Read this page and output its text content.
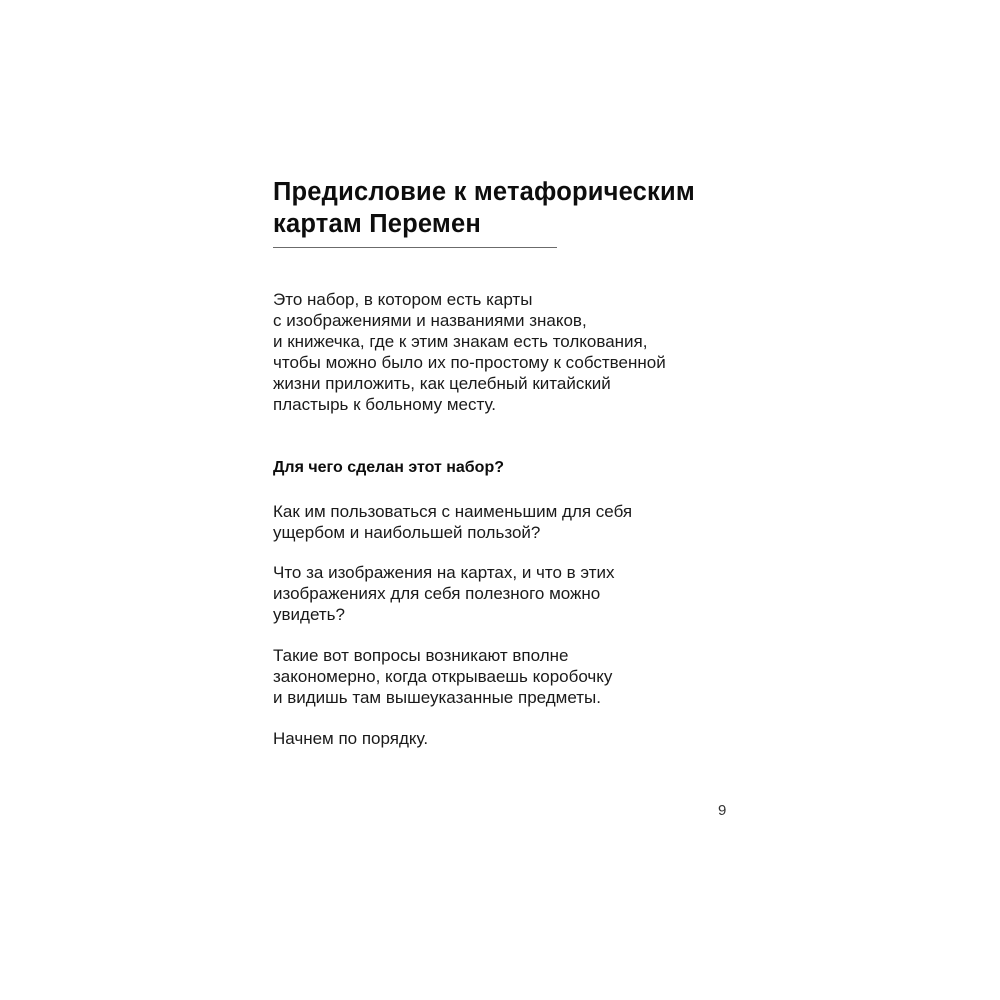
Предисловие к метафорическим
картам Перемен

Это набор, в котором есть карты
с изображениями и названиями знаков,
и книжечка, где к этим знакам есть толкования,
чтобы можно было их по-простому к собственной
жизни приложить, как целебный китайский
пластырь к больному месту.

Для чего сделан этот набор?

Как им пользоваться с наименьшим для себя
ущербом и наибольшей пользой?

Что за изображения на картах, и что в этих
изображениях для себя полезного можно
увидеть?

Такие вот вопросы возникают вполне
закономерно, когда открываешь коробочку
и видишь там вышеуказанные предметы.

Начнем по порядку.

9
